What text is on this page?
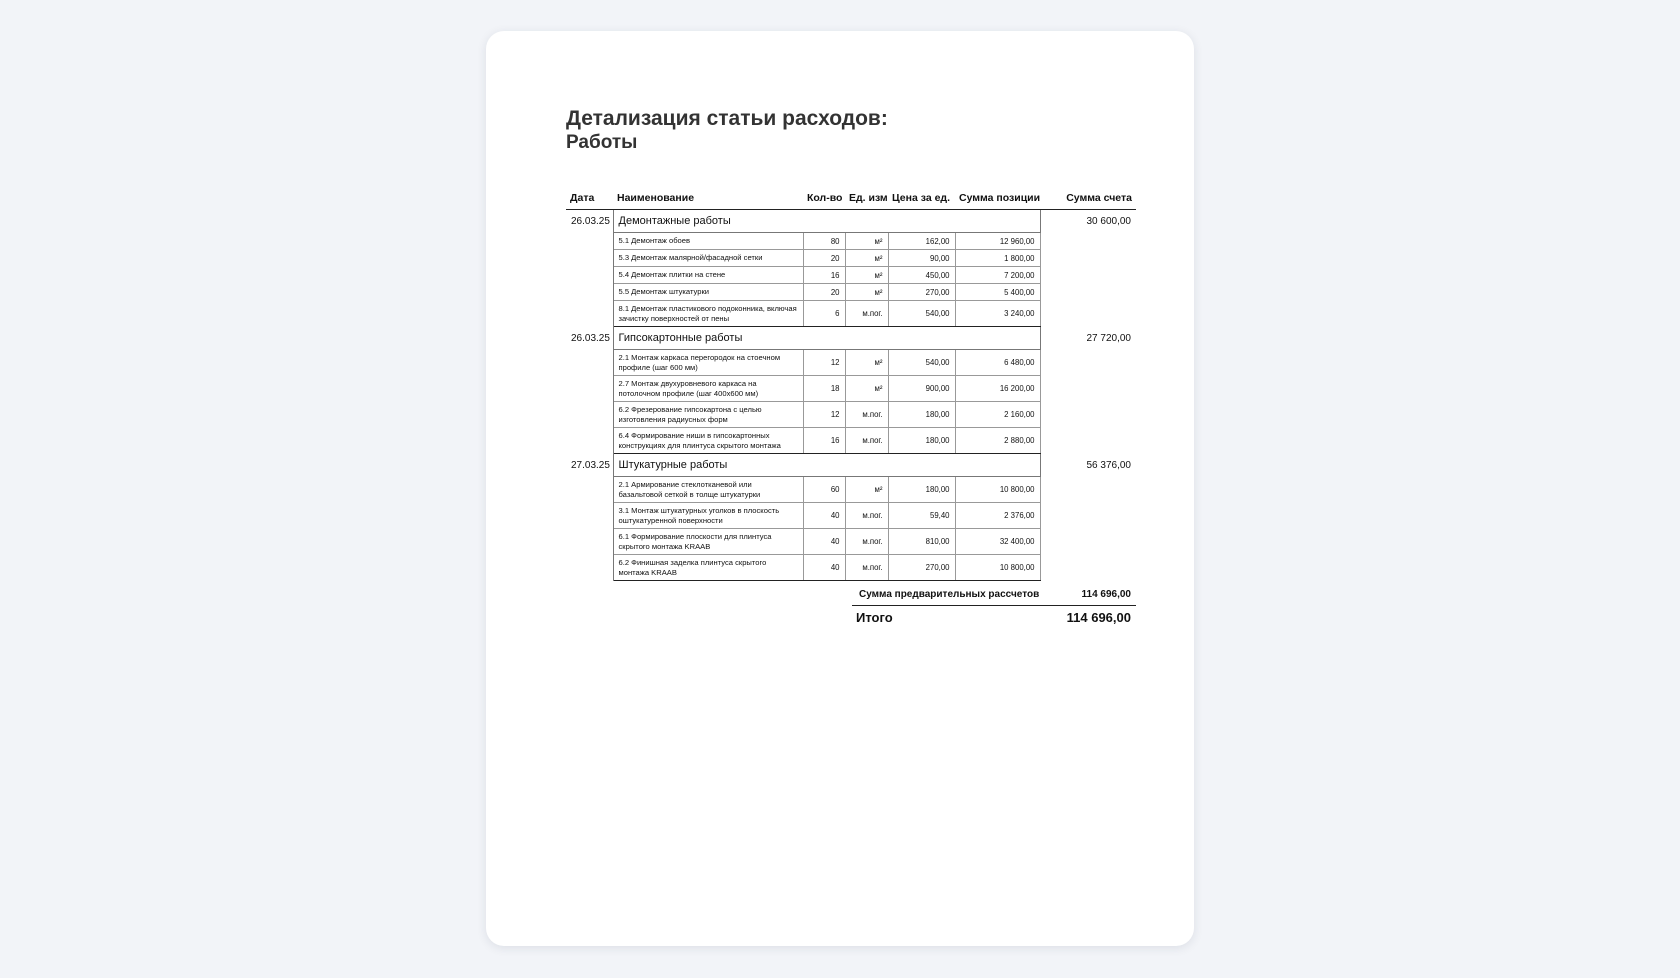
Детализация статьи расходов:
Работы
Дата	Наименование	Кол-во	Ед. изм	Цена за ед.	Сумма позиции	Сумма счета
26.03.25	Демонтажные работы					30 600,00
	5.1 Демонтаж обоев	80	м²	162,00	12 960,00	
	5.3 Демонтаж малярной/фасадной сетки	20	м²	90,00	1 800,00	
	5.4 Демонтаж плитки на стене	16	м²	450,00	7 200,00	
	5.5 Демонтаж штукатурки	20	м²	270,00	5 400,00	
	8.1 Демонтаж пластикового подоконника, включая зачистку поверхностей от пены	6	м.пог.	540,00	3 240,00	
26.03.25	Гипсокартонные работы					27 720,00
	2.1 Монтаж каркаса перегородок на стоечном профиле (шаг 600 мм)	12	м²	540,00	6 480,00	
	2.7 Монтаж двухуровневого каркаса на потолочном профиле (шаг 400х600 мм)	18	м²	900,00	16 200,00	
	6.2 Фрезерование гипсокартона с целью изготовления радиусных форм	12	м.пог.	180,00	2 160,00	
	6.4 Формирование ниши в гипсокартонных конструкциях для плинтуса скрытого монтажа	16	м.пог.	180,00	2 880,00	
27.03.25	Штукатурные работы					56 376,00
	2.1 Армирование стеклотканевой или базальтовой сеткой в толще штукатурки	60	м²	180,00	10 800,00	
	3.1 Монтаж штукатурных уголков в плоскость оштукатуренной поверхности	40	м.пог.	59,40	2 376,00	
	6.1 Формирование плоскости для плинтуса скрытого монтажа KRAAB	40	м.пог.	810,00	32 400,00	
	6.2 Финишная заделка плинтуса скрытого монтажа KRAAB	40	м.пог.	270,00	10 800,00	
Сумма предварительных рассчетов	114 696,00
Итого	114 696,00
